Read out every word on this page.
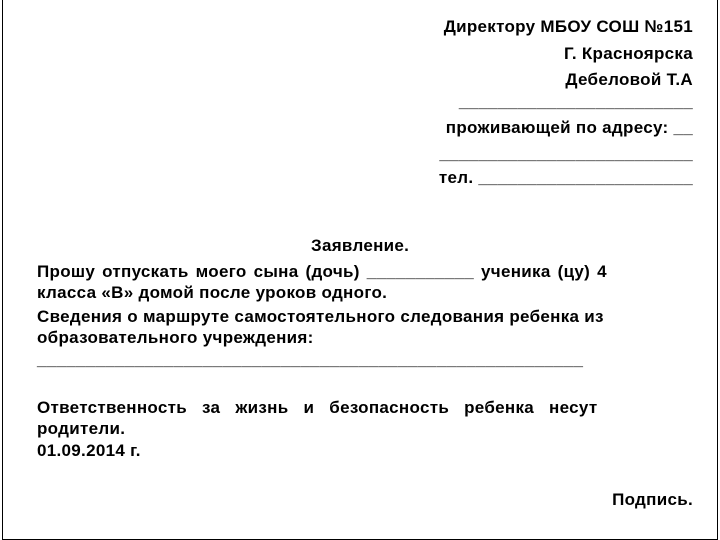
Директору МБОУ СОШ №151
Г. Красноярска
Дебеловой Т.А
________________________
проживающей по адресу: __
__________________________
тел. ______________________
Заявление.
Прошу отпускать моего сына (дочь) ___________ ученика (цу) 4
класса «В» домой после уроков одного.
Сведения о маршруте самостоятельного следования ребенка из
образовательного учреждения:
________________________________________________________
Ответственность за жизнь и безопасность ребенка несут
родители.
01.09.2014 г.
Подпись.
